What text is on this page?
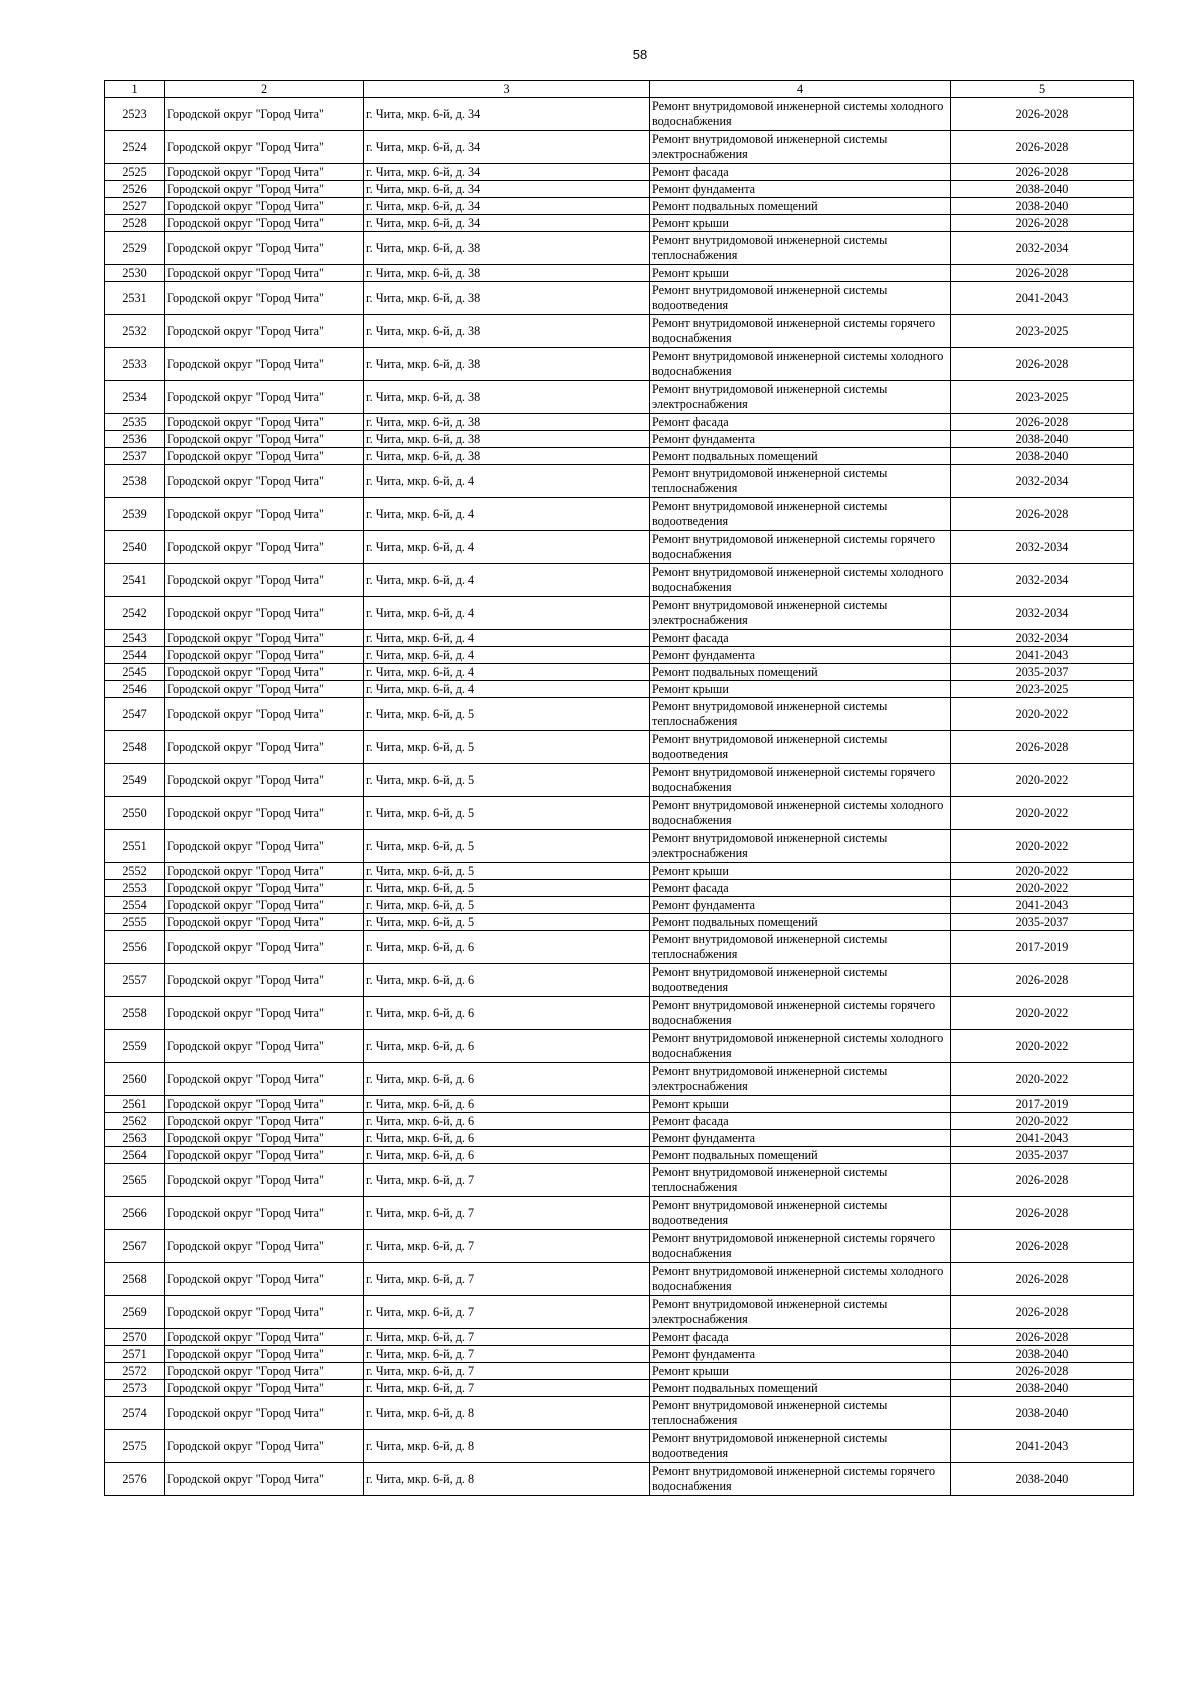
58
1	2	3	4	5
2523	Городской округ "Город Чита"	г. Чита, мкр. 6-й, д. 34	Ремонт внутридомовой инженерной системы холодного водоснабжения	2026-2028
2524	Городской округ "Город Чита"	г. Чита, мкр. 6-й, д. 34	Ремонт внутридомовой инженерной системы электроснабжения	2026-2028
2525	Городской округ "Город Чита"	г. Чита, мкр. 6-й, д. 34	Ремонт фасада	2026-2028
2526	Городской округ "Город Чита"	г. Чита, мкр. 6-й, д. 34	Ремонт фундамента	2038-2040
2527	Городской округ "Город Чита"	г. Чита, мкр. 6-й, д. 34	Ремонт подвальных помещений	2038-2040
2528	Городской округ "Город Чита"	г. Чита, мкр. 6-й, д. 34	Ремонт крыши	2026-2028
2529	Городской округ "Город Чита"	г. Чита, мкр. 6-й, д. 38	Ремонт внутридомовой инженерной системы теплоснабжения	2032-2034
2530	Городской округ "Город Чита"	г. Чита, мкр. 6-й, д. 38	Ремонт крыши	2026-2028
2531	Городской округ "Город Чита"	г. Чита, мкр. 6-й, д. 38	Ремонт внутридомовой инженерной системы водоотведения	2041-2043
2532	Городской округ "Город Чита"	г. Чита, мкр. 6-й, д. 38	Ремонт внутридомовой инженерной системы горячего водоснабжения	2023-2025
2533	Городской округ "Город Чита"	г. Чита, мкр. 6-й, д. 38	Ремонт внутридомовой инженерной системы холодного водоснабжения	2026-2028
2534	Городской округ "Город Чита"	г. Чита, мкр. 6-й, д. 38	Ремонт внутридомовой инженерной системы электроснабжения	2023-2025
2535	Городской округ "Город Чита"	г. Чита, мкр. 6-й, д. 38	Ремонт фасада	2026-2028
2536	Городской округ "Город Чита"	г. Чита, мкр. 6-й, д. 38	Ремонт фундамента	2038-2040
2537	Городской округ "Город Чита"	г. Чита, мкр. 6-й, д. 38	Ремонт подвальных помещений	2038-2040
2538	Городской округ "Город Чита"	г. Чита, мкр. 6-й, д. 4	Ремонт внутридомовой инженерной системы теплоснабжения	2032-2034
2539	Городской округ "Город Чита"	г. Чита, мкр. 6-й, д. 4	Ремонт внутридомовой инженерной системы водоотведения	2026-2028
2540	Городской округ "Город Чита"	г. Чита, мкр. 6-й, д. 4	Ремонт внутридомовой инженерной системы горячего водоснабжения	2032-2034
2541	Городской округ "Город Чита"	г. Чита, мкр. 6-й, д. 4	Ремонт внутридомовой инженерной системы холодного водоснабжения	2032-2034
2542	Городской округ "Город Чита"	г. Чита, мкр. 6-й, д. 4	Ремонт внутридомовой инженерной системы электроснабжения	2032-2034
2543	Городской округ "Город Чита"	г. Чита, мкр. 6-й, д. 4	Ремонт фасада	2032-2034
2544	Городской округ "Город Чита"	г. Чита, мкр. 6-й, д. 4	Ремонт фундамента	2041-2043
2545	Городской округ "Город Чита"	г. Чита, мкр. 6-й, д. 4	Ремонт подвальных помещений	2035-2037
2546	Городской округ "Город Чита"	г. Чита, мкр. 6-й, д. 4	Ремонт крыши	2023-2025
2547	Городской округ "Город Чита"	г. Чита, мкр. 6-й, д. 5	Ремонт внутридомовой инженерной системы теплоснабжения	2020-2022
2548	Городской округ "Город Чита"	г. Чита, мкр. 6-й, д. 5	Ремонт внутридомовой инженерной системы водоотведения	2026-2028
2549	Городской округ "Город Чита"	г. Чита, мкр. 6-й, д. 5	Ремонт внутридомовой инженерной системы горячего водоснабжения	2020-2022
2550	Городской округ "Город Чита"	г. Чита, мкр. 6-й, д. 5	Ремонт внутридомовой инженерной системы холодного водоснабжения	2020-2022
2551	Городской округ "Город Чита"	г. Чита, мкр. 6-й, д. 5	Ремонт внутридомовой инженерной системы электроснабжения	2020-2022
2552	Городской округ "Город Чита"	г. Чита, мкр. 6-й, д. 5	Ремонт крыши	2020-2022
2553	Городской округ "Город Чита"	г. Чита, мкр. 6-й, д. 5	Ремонт фасада	2020-2022
2554	Городской округ "Город Чита"	г. Чита, мкр. 6-й, д. 5	Ремонт фундамента	2041-2043
2555	Городской округ "Город Чита"	г. Чита, мкр. 6-й, д. 5	Ремонт подвальных помещений	2035-2037
2556	Городской округ "Город Чита"	г. Чита, мкр. 6-й, д. 6	Ремонт внутридомовой инженерной системы теплоснабжения	2017-2019
2557	Городской округ "Город Чита"	г. Чита, мкр. 6-й, д. 6	Ремонт внутридомовой инженерной системы водоотведения	2026-2028
2558	Городской округ "Город Чита"	г. Чита, мкр. 6-й, д. 6	Ремонт внутридомовой инженерной системы горячего водоснабжения	2020-2022
2559	Городской округ "Город Чита"	г. Чита, мкр. 6-й, д. 6	Ремонт внутридомовой инженерной системы холодного водоснабжения	2020-2022
2560	Городской округ "Город Чита"	г. Чита, мкр. 6-й, д. 6	Ремонт внутридомовой инженерной системы электроснабжения	2020-2022
2561	Городской округ "Город Чита"	г. Чита, мкр. 6-й, д. 6	Ремонт крыши	2017-2019
2562	Городской округ "Город Чита"	г. Чита, мкр. 6-й, д. 6	Ремонт фасада	2020-2022
2563	Городской округ "Город Чита"	г. Чита, мкр. 6-й, д. 6	Ремонт фундамента	2041-2043
2564	Городской округ "Город Чита"	г. Чита, мкр. 6-й, д. 6	Ремонт подвальных помещений	2035-2037
2565	Городской округ "Город Чита"	г. Чита, мкр. 6-й, д. 7	Ремонт внутридомовой инженерной системы теплоснабжения	2026-2028
2566	Городской округ "Город Чита"	г. Чита, мкр. 6-й, д. 7	Ремонт внутридомовой инженерной системы водоотведения	2026-2028
2567	Городской округ "Город Чита"	г. Чита, мкр. 6-й, д. 7	Ремонт внутридомовой инженерной системы горячего водоснабжения	2026-2028
2568	Городской округ "Город Чита"	г. Чита, мкр. 6-й, д. 7	Ремонт внутридомовой инженерной системы холодного водоснабжения	2026-2028
2569	Городской округ "Город Чита"	г. Чита, мкр. 6-й, д. 7	Ремонт внутридомовой инженерной системы электроснабжения	2026-2028
2570	Городской округ "Город Чита"	г. Чита, мкр. 6-й, д. 7	Ремонт фасада	2026-2028
2571	Городской округ "Город Чита"	г. Чита, мкр. 6-й, д. 7	Ремонт фундамента	2038-2040
2572	Городской округ "Город Чита"	г. Чита, мкр. 6-й, д. 7	Ремонт крыши	2026-2028
2573	Городской округ "Город Чита"	г. Чита, мкр. 6-й, д. 7	Ремонт подвальных помещений	2038-2040
2574	Городской округ "Город Чита"	г. Чита, мкр. 6-й, д. 8	Ремонт внутридомовой инженерной системы теплоснабжения	2038-2040
2575	Городской округ "Город Чита"	г. Чита, мкр. 6-й, д. 8	Ремонт внутридомовой инженерной системы водоотведения	2041-2043
2576	Городской округ "Город Чита"	г. Чита, мкр. 6-й, д. 8	Ремонт внутридомовой инженерной системы горячего водоснабжения	2038-2040
